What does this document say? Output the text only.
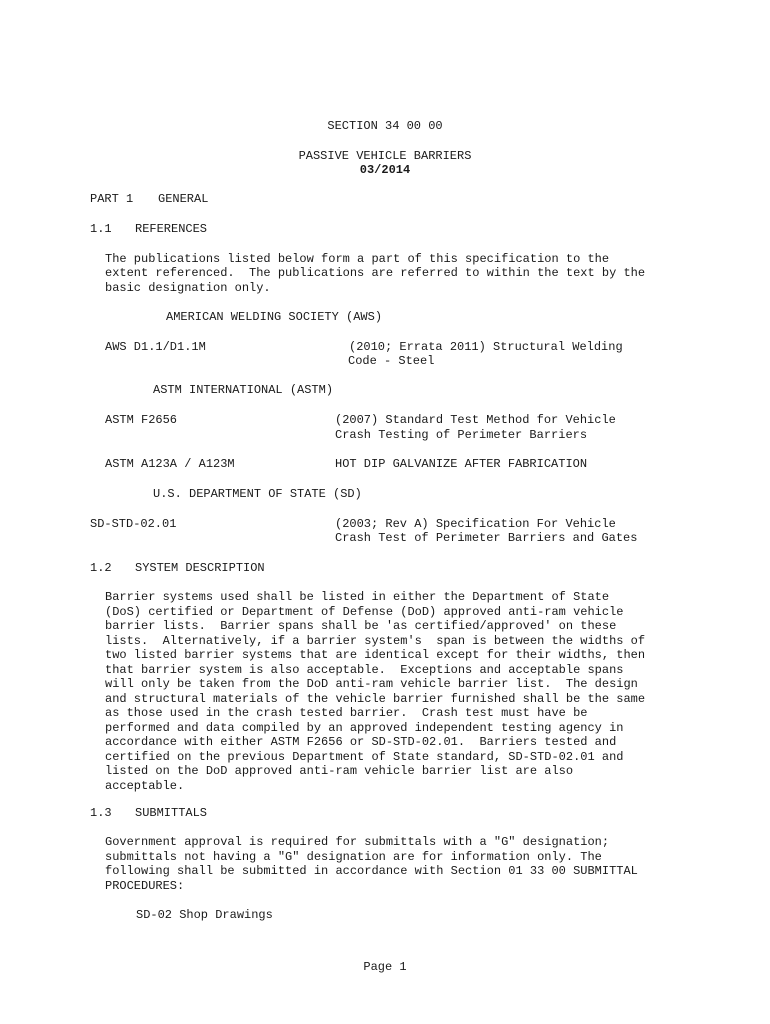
SECTION 34 00 00
PASSIVE VEHICLE BARRIERS
03/2014
PART 1 GENERAL
1.1 REFERENCES
The publications listed below form a part of this specification to the
extent referenced.  The publications are referred to within the text by the
basic designation only.
AMERICAN WELDING SOCIETY (AWS)
AWS D1.1/D1.1M	(2010; Errata 2011) Structural Welding
Code - Steel
ASTM INTERNATIONAL (ASTM)
ASTM F2656	(2007) Standard Test Method for Vehicle
Crash Testing of Perimeter Barriers
ASTM A123A / A123M	HOT DIP GALVANIZE AFTER FABRICATION
U.S. DEPARTMENT OF STATE (SD)
SD-STD-02.01	(2003; Rev A) Specification For Vehicle
Crash Test of Perimeter Barriers and Gates
1.2 SYSTEM DESCRIPTION
Barrier systems used shall be listed in either the Department of State
(DoS) certified or Department of Defense (DoD) approved anti-ram vehicle
barrier lists.  Barrier spans shall be 'as certified/approved' on these
lists.  Alternatively, if a barrier system's  span is between the widths of
two listed barrier systems that are identical except for their widths, then
that barrier system is also acceptable.  Exceptions and acceptable spans
will only be taken from the DoD anti-ram vehicle barrier list.  The design
and structural materials of the vehicle barrier furnished shall be the same
as those used in the crash tested barrier.  Crash test must have be
performed and data compiled by an approved independent testing agency in
accordance with either ASTM F2656 or SD-STD-02.01.  Barriers tested and
certified on the previous Department of State standard, SD-STD-02.01 and
listed on the DoD approved anti-ram vehicle barrier list are also
acceptable.
1.3 SUBMITTALS
Government approval is required for submittals with a "G" designation;
submittals not having a "G" designation are for information only. The
following shall be submitted in accordance with Section 01 33 00 SUBMITTAL
PROCEDURES:
SD-02 Shop Drawings
Page 1
